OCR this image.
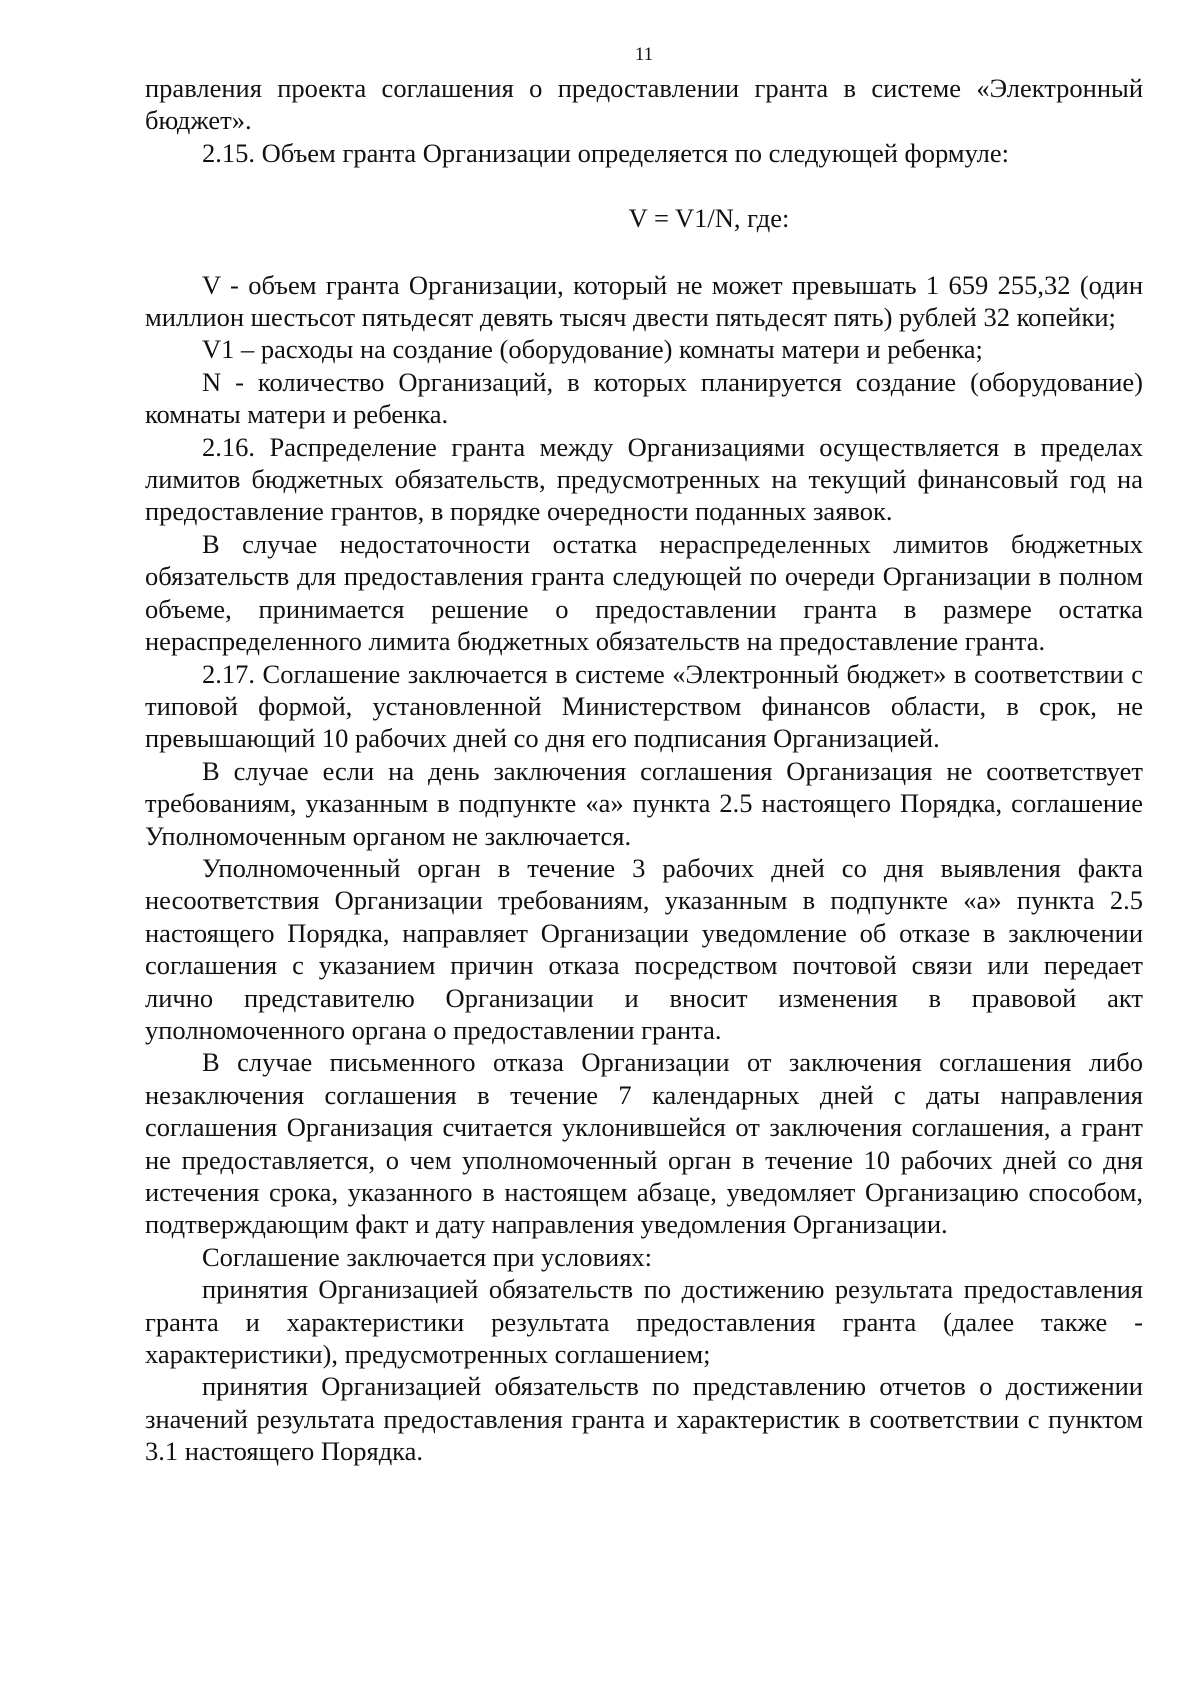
11

правления проекта соглашения о предоставлении гранта в системе «Электронный бюджет».

2.15. Объем гранта Организации определяется по следующей формуле:

V = V1/N, где:

V - объем гранта Организации, который не может превышать 1 659 255,32 (один миллион шестьсот пятьдесят девять тысяч двести пятьдесят пять) рублей 32 копейки;

V1 – расходы на создание (оборудование) комнаты матери и ребенка;

N - количество Организаций, в которых планируется создание (оборудование) комнаты матери и ребенка.

2.16. Распределение гранта между Организациями осуществляется в пределах лимитов бюджетных обязательств, предусмотренных на текущий финансовый год на предоставление грантов, в порядке очередности поданных заявок.

В случае недостаточности остатка нераспределенных лимитов бюджетных обязательств для предоставления гранта следующей по очереди Организации в полном объеме, принимается решение о предоставлении гранта в размере остатка нераспределенного лимита бюджетных обязательств на предоставление гранта.

2.17. Соглашение заключается в системе «Электронный бюджет» в соответствии с типовой формой, установленной Министерством финансов области, в срок, не превышающий 10 рабочих дней со дня его подписания Организацией.

В случае если на день заключения соглашения Организация не соответствует требованиям, указанным в подпункте «а» пункта 2.5 настоящего Порядка, соглашение Уполномоченным органом не заключается.

Уполномоченный орган в течение 3 рабочих дней со дня выявления факта несоответствия Организации требованиям, указанным в подпункте «а» пункта 2.5 настоящего Порядка, направляет Организации уведомление об отказе в заключении соглашения с указанием причин отказа посредством почтовой связи или передает лично представителю Организации и вносит изменения в правовой акт уполномоченного органа о предоставлении гранта.

В случае письменного отказа Организации от заключения соглашения либо незаключения соглашения в течение 7 календарных дней с даты направления соглашения Организация считается уклонившейся от заключения соглашения, а грант не предоставляется, о чем уполномоченный орган в течение 10 рабочих дней со дня истечения срока, указанного в настоящем абзаце, уведомляет Организацию способом, подтверждающим факт и дату направления уведомления Организации.

Соглашение заключается при условиях:

принятия Организацией обязательств по достижению результата предоставления гранта и характеристики результата предоставления гранта (далее также - характеристики), предусмотренных соглашением;

принятия Организацией обязательств по представлению отчетов о достижении значений результата предоставления гранта и характеристик в соответствии с пунктом 3.1 настоящего Порядка.
